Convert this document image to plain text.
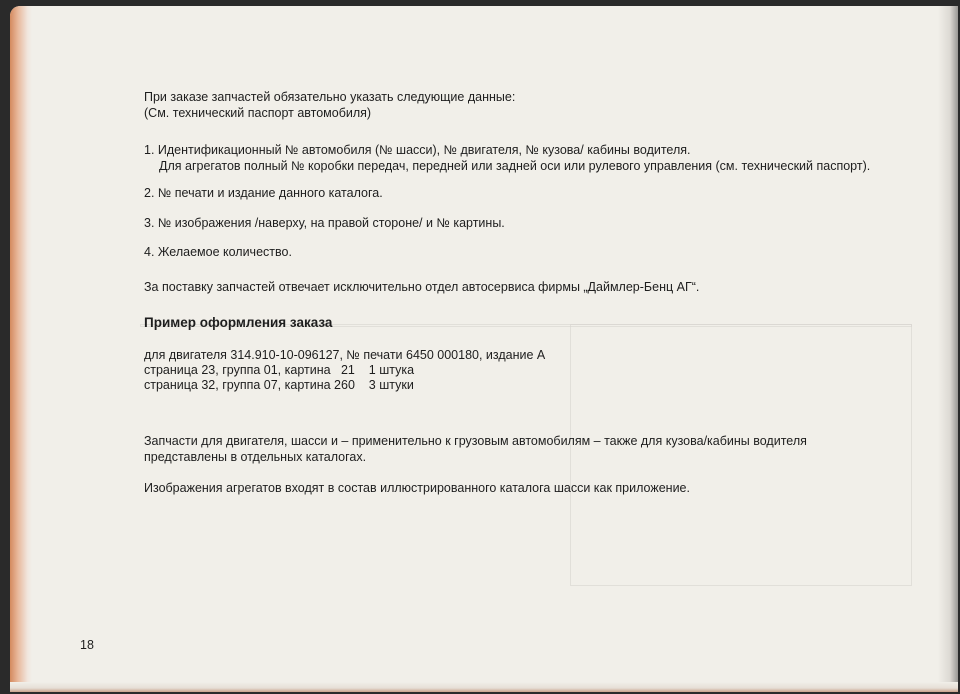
При заказе запчастей обязательно указать следующие данные:
(См. технический паспорт автомобиля)
1. Идентификационный № автомобиля (№ шасси), № двигателя, № кузова/ кабины водителя.
Для агрегатов полный № коробки передач, передней или задней оси или рулевого управления (см. технический паспорт).
2. № печати и издание данного каталога.
3. № изображения /наверху, на правой стороне/ и № картины.
4. Желаемое количество.
За поставку запчастей отвечает исключительно отдел автосервиса фирмы „Даймлер-Бенц АГ“.
Пример оформления заказа
для двигателя 314.910-10-096127, № печати 6450 000180, издание А
страница 23, группа 01, картина   21    1 штука
страница 32, группа 07, картина 260    3 штуки
Запчасти для двигателя, шасси и – применительно к грузовым автомобилям – также для кузова/кабины водителя
представлены в отдельных каталогах.
Изображения агрегатов входят в состав иллюстрированного каталога шасси как приложение.
18
